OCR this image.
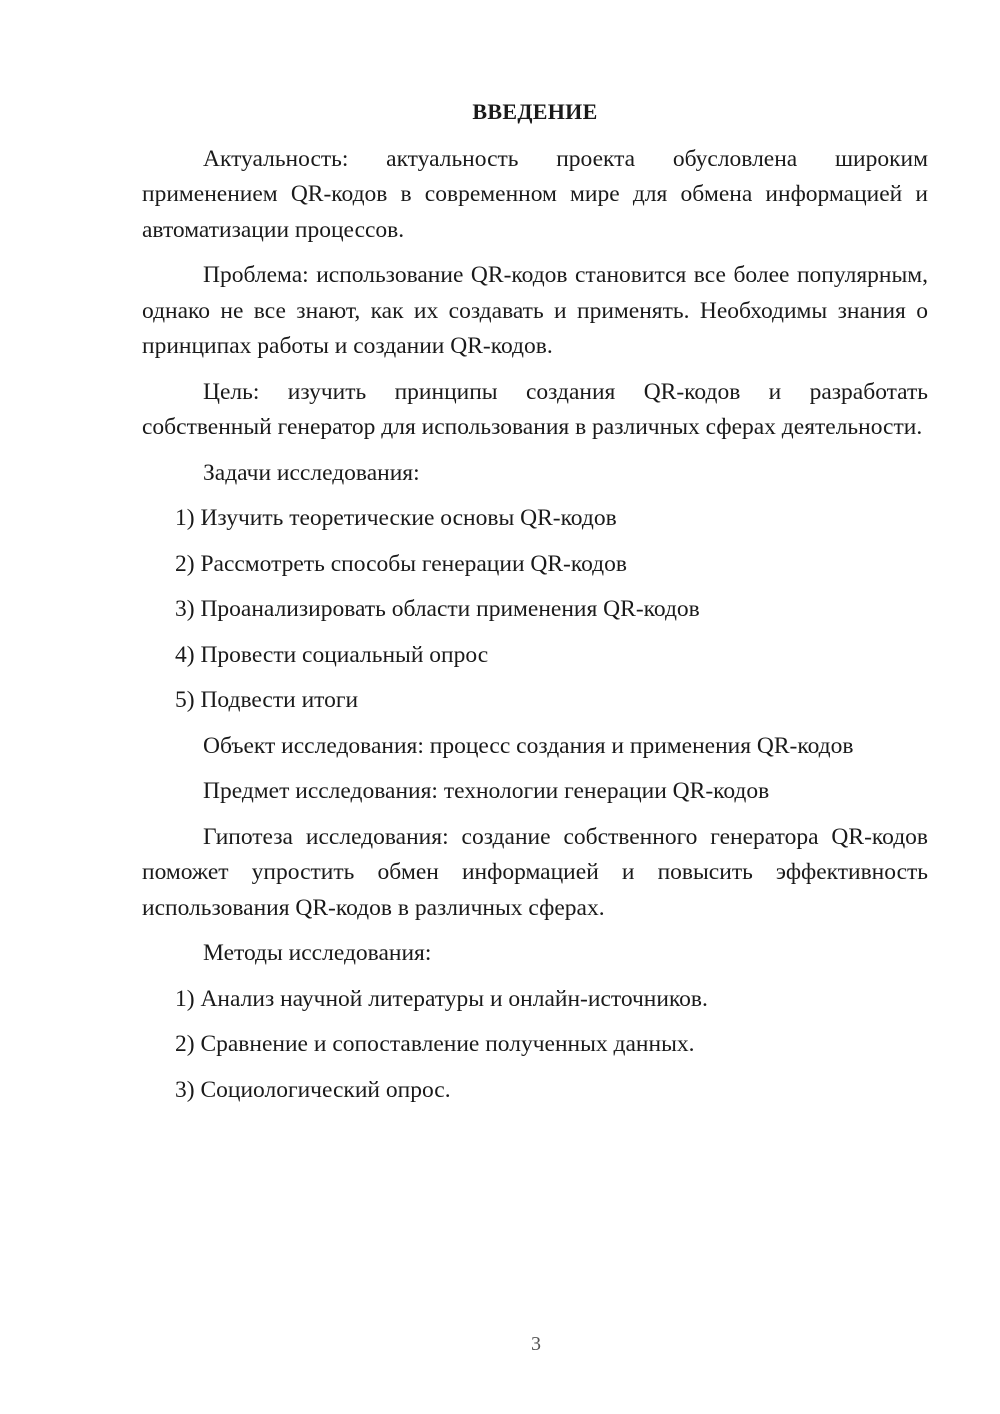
ВВЕДЕНИЕ
Актуальность: актуальность проекта обусловлена широким применением QR-кодов в современном мире для обмена информацией и автоматизации процессов.
Проблема: использование QR-кодов становится все более популярным, однако не все знают, как их создавать и применять. Необходимы знания о принципах работы и создании QR-кодов.
Цель: изучить принципы создания QR-кодов и разработать собственный генератор для использования в различных сферах деятельности.
Задачи исследования:
1) Изучить теоретические основы QR-кодов
2) Рассмотреть способы генерации QR-кодов
3) Проанализировать области применения QR-кодов
4) Провести социальный опрос
5) Подвести итоги
Объект исследования: процесс создания и применения QR-кодов
Предмет исследования: технологии генерации QR-кодов
Гипотеза исследования: создание собственного генератора QR-кодов поможет упростить обмен информацией и повысить эффективность использования QR-кодов в различных сферах.
Методы исследования:
1) Анализ научной литературы и онлайн-источников.
2) Сравнение и сопоставление полученных данных.
3) Социологический опрос.
3
